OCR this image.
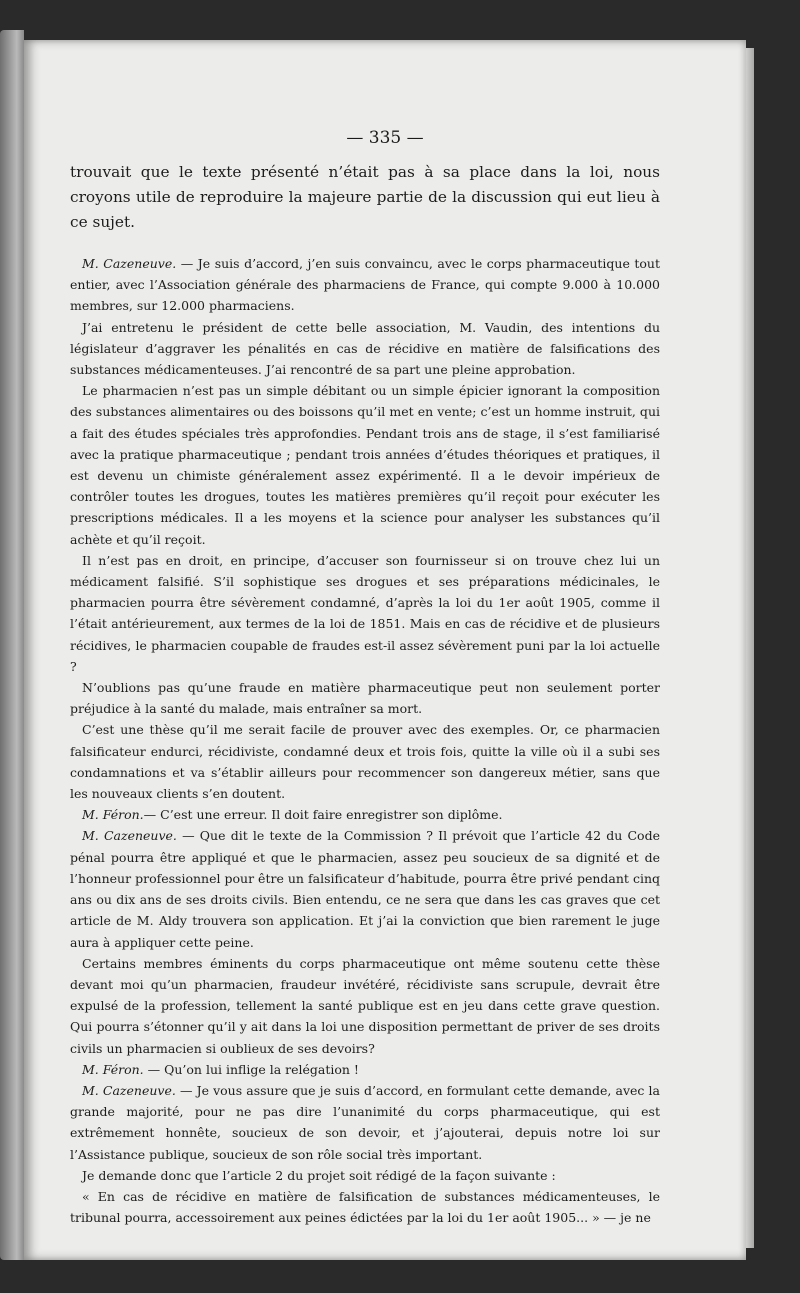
— 335 —

trouvait que le texte présenté n’était pas à sa place dans la loi, nous croyons utile de reproduire la majeure partie de la discussion qui eut lieu à ce sujet.

M. Cazeneuve. — Je suis d’accord, j’en suis convaincu, avec le corps pharmaceutique tout entier, avec l’Association générale des pharmaciens de France, qui compte 9.000 à 10.000 membres, sur 12.000 pharmaciens.

J’ai entretenu le président de cette belle association, M. Vaudin, des intentions du législateur d’aggraver les pénalités en cas de récidive en matière de falsifications des substances médicamenteuses. J’ai rencontré de sa part une pleine approbation.

Le pharmacien n’est pas un simple débitant ou un simple épicier ignorant la composition des substances alimentaires ou des boissons qu’il met en vente; c’est un homme instruit, qui a fait des études spéciales très approfondies. Pendant trois ans de stage, il s’est familiarisé avec la pratique pharmaceutique ; pendant trois années d’études théoriques et pratiques, il est devenu un chimiste généralement assez expérimenté. Il a le devoir impérieux de contrôler toutes les drogues, toutes les matières premières qu’il reçoit pour exécuter les prescriptions médicales. Il a les moyens et la science pour analyser les substances qu’il achète et qu’il reçoit.

Il n’est pas en droit, en principe, d’accuser son fournisseur si on trouve chez lui un médicament falsifié. S’il sophistique ses drogues et ses préparations médicinales, le pharmacien pourra être sévèrement condamné, d’après la loi du 1er août 1905, comme il l’était antérieurement, aux termes de la loi de 1851. Mais en cas de récidive et de plusieurs récidives, le pharmacien coupable de fraudes est-il assez sévèrement puni par la loi actuelle ?

N’oublions pas qu’une fraude en matière pharmaceutique peut non seulement porter préjudice à la santé du malade, mais entraîner sa mort.

C’est une thèse qu’il me serait facile de prouver avec des exemples. Or, ce pharmacien falsificateur endurci, récidiviste, condamné deux et trois fois, quitte la ville où il a subi ses condamnations et va s’établir ailleurs pour recommencer son dangereux métier, sans que les nouveaux clients s’en doutent.

M. Féron.— C’est une erreur. Il doit faire enregistrer son diplôme.

M. Cazeneuve. — Que dit le texte de la Commission ? Il prévoit que l’article 42 du Code pénal pourra être appliqué et que le pharmacien, assez peu soucieux de sa dignité et de l’honneur professionnel pour être un falsificateur d’habitude, pourra être privé pendant cinq ans ou dix ans de ses droits civils. Bien entendu, ce ne sera que dans les cas graves que cet article de M. Aldy trouvera son application. Et j’ai la conviction que bien rarement le juge aura à appliquer cette peine.

Certains membres éminents du corps pharmaceutique ont même soutenu cette thèse devant moi qu’un pharmacien, fraudeur invétéré, récidiviste sans scrupule, devrait être expulsé de la profession, tellement la santé publique est en jeu dans cette grave question. Qui pourra s’étonner qu’il y ait dans la loi une disposition permettant de priver de ses droits civils un pharmacien si oublieux de ses devoirs?

M. Féron. — Qu’on lui inflige la relégation !

M. Cazeneuve. — Je vous assure que je suis d’accord, en formulant cette demande, avec la grande majorité, pour ne pas dire l’unanimité du corps pharmaceutique, qui est extrêmement honnête, soucieux de son devoir, et j’ajouterai, depuis notre loi sur l’Assistance publique, soucieux de son rôle social très important.

Je demande donc que l’article 2 du projet soit rédigé de la façon suivante :

« En cas de récidive en matière de falsification de substances médicamenteuses, le tribunal pourra, accessoirement aux peines édictées par la loi du 1er août 1905... » — je ne
